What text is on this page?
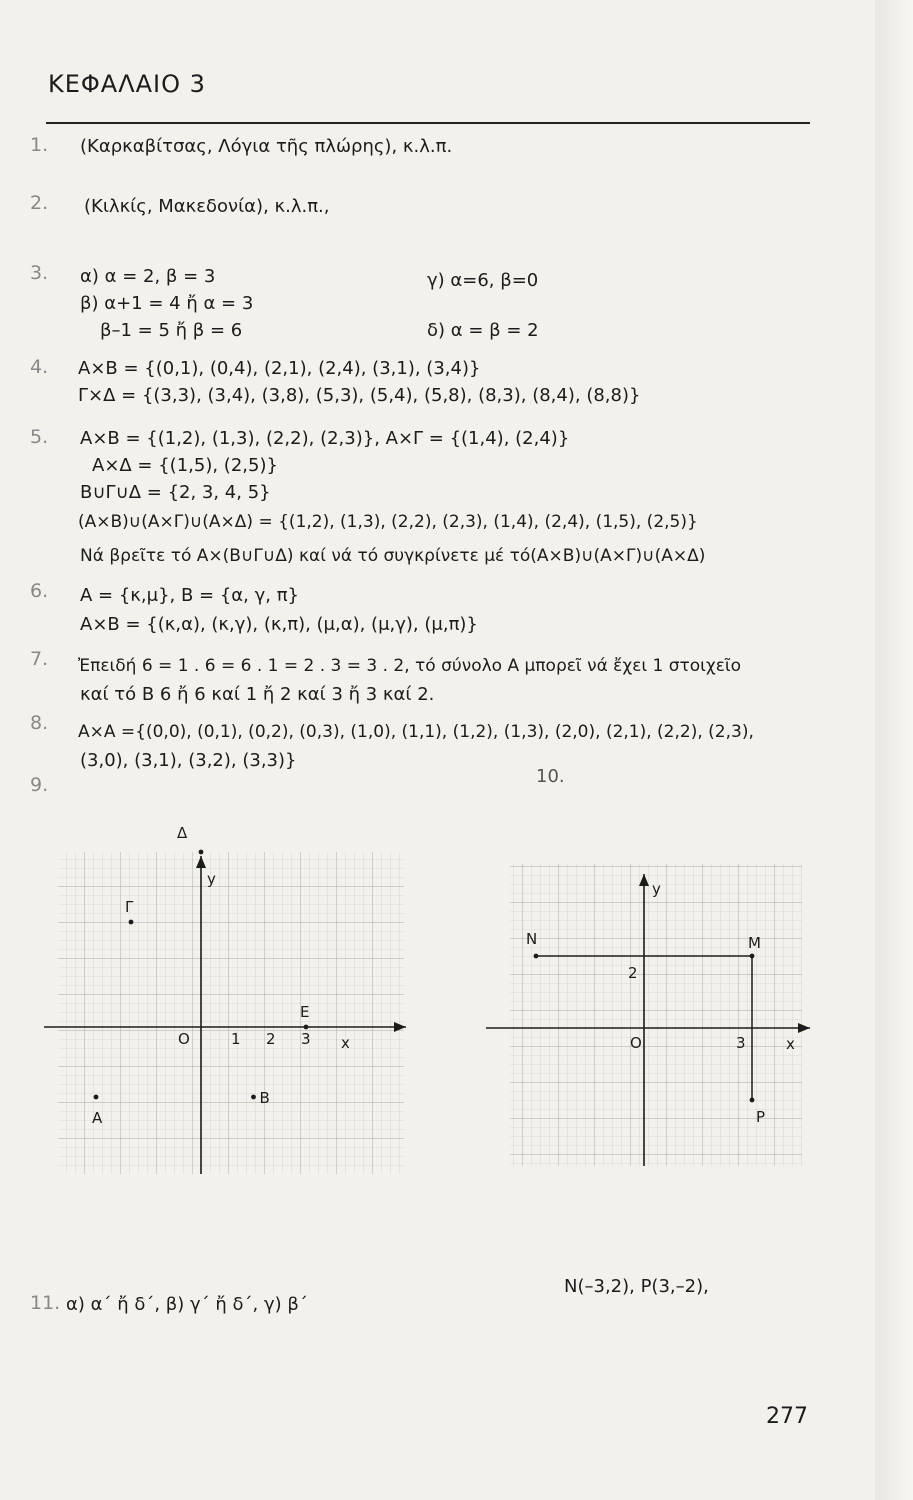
ΚΕΦΑΛΑΙΟ 3
1. (Καρκαβίτσας, Λόγια τῆς πλώρης), κ.λ.π.
2. (Κιλκίς, Μακεδονία), κ.λ.π.,
3. α) α = 2, β = 3
β) α+1 = 4 ἤ α = 3
β–1 = 5 ἤ β = 6
γ) α=6, β=0
δ) α = β = 2
4. A×B = {(0,1), (0,4), (2,1), (2,4), (3,1), (3,4)}
Γ×Δ = {(3,3), (3,4), (3,8), (5,3), (5,4), (5,8), (8,3), (8,4), (8,8)}
5. A×B = {(1,2), (1,3), (2,2), (2,3)}, A×Γ = {(1,4), (2,4)}
A×Δ = {(1,5), (2,5)}
B∪Γ∪Δ = {2, 3, 4, 5}
(A×B)∪(A×Γ)∪(A×Δ) = {(1,2), (1,3), (2,2), (2,3), (1,4), (2,4), (1,5), (2,5)}
Νά βρεῖτε τό A×(B∪Γ∪Δ) καί νά τό συγκρίνετε μέ τό(A×B)∪(A×Γ)∪(A×Δ)
6. A = {κ,μ}, B = {α, γ, π}
A×B = {(κ,α), (κ,γ), (κ,π), (μ,α), (μ,γ), (μ,π)}
7. Ἐπειδή 6 = 1 . 6 = 6 . 1 = 2 . 3 = 3 . 2, τό σύνολο A μπορεῖ νά ἔχει 1 στοιχεῖο
καί τό B 6 ἤ 6 καί 1 ἤ 2 καί 3 ἤ 3 καί 2.
8. A×A ={(0,0), (0,1), (0,2), (0,3), (1,0), (1,1), (1,2), (1,3), (2,0), (2,1), (2,2), (2,3),
(3,0), (3,1), (3,2), (3,3)}
9.	10.
x
y
O	1 2 3
Δ
Γ
E
A
B
x
y
O
N	M
P
3
2
11. α) α΄ ἤ δ΄, β) γ΄ ἤ δ΄, γ) β΄
N(–3,2), P(3,–2),
277
